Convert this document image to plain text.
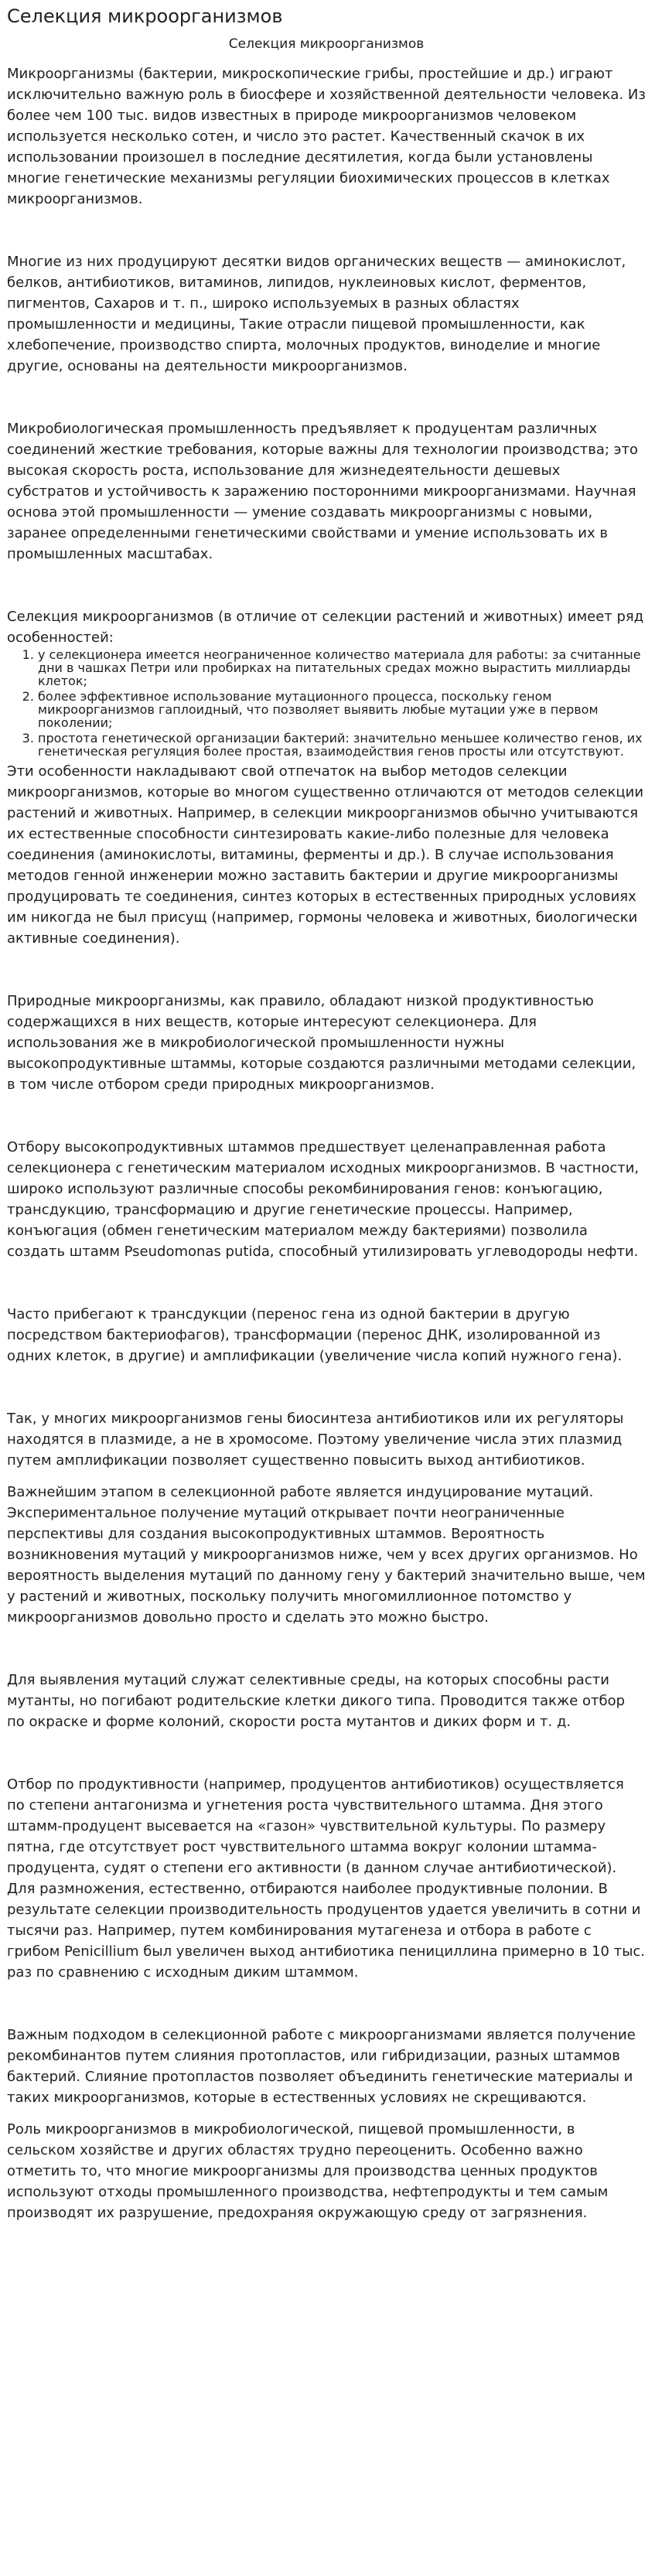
Селекция микроорганизмов
Селекция микроорганизмов

Микроорганизмы (бактерии, микроскопические грибы, простейшие и др.) играют исключительно важную роль в биосфере и хозяйственной деятельности человека. Из более чем 100 тыс. видов известных в природе микроорганизмов человеком используется несколько сотен, и число это растет. Качественный скачок в их использовании произошел в последние десятилетия, когда были установлены многие генетические механизмы регуляции биохимических процессов в клетках микроорганизмов.

Многие из них продуцируют десятки видов органических веществ — аминокислот, белков, антибиотиков, витаминов, липидов, нуклеиновых кислот, ферментов, пигментов, Сахаров и т. п., широко используемых в разных областях промышленности и медицины, Такие отрасли пищевой промышленности, как хлебопечение, производство спирта, молочных продуктов, виноделие и многие другие, основаны на деятельности микроорганизмов.

Микробиологическая промышленность предъявляет к продуцентам различных соединений жесткие требования, которые важны для технологии производства; это высокая скорость роста, использование для жизнедеятельности дешевых субстратов и устойчивость к заражению посторонними микроорганизмами. Научная основа этой промышленности — умение создавать микроорганизмы с новыми, заранее определенными генетическими свойствами и умение использовать их в промышленных масштабах.

Селекция микроорганизмов (в отличие от селекции растений и животных) имеет ряд особенностей:

1. у селекционера имеется неограниченное количество материала для работы: за считанные дни в чашках Петри или пробирках на питательных средах можно вырастить миллиарды клеток;
2. более эффективное использование мутационного процесса, поскольку геном микроорганизмов гаплоидный, что позволяет выявить любые мутации уже в первом поколении;
3. простота генетической организации бактерий: значительно меньшее количество генов, их генетическая регуляция более простая, взаимодействия генов просты или отсутствуют.

Эти особенности накладывают свой отпечаток на выбор методов селекции микроорганизмов, которые во многом существенно отличаются от методов селекции растений и животных. Например, в селекции микроорганизмов обычно учитываются их естественные способности синтезировать какие-либо полезные для человека соединения (аминокислоты, витамины, ферменты и др.). В случае использования методов генной инженерии можно заставить бактерии и другие микроорганизмы продуцировать те соединения, синтез которых в естественных природных условиях им никогда не был присущ (например, гормоны человека и животных, биологически активные соединения).

Природные микроорганизмы, как правило, обладают низкой продуктивностью содержащихся в них веществ, которые интересуют селекционера. Для использования же в микробиологической промышленности нужны высокопродуктивные штаммы, которые создаются различными методами селекции, в том числе отбором среди природных микроорганизмов.

Отбору высокопродуктивных штаммов предшествует целенаправленная работа селекционера с генетическим материалом исходных микроорганизмов. В частности, широко используют различные способы рекомбинирования генов: конъюгацию, трансдукцию, трансформацию и другие генетические процессы. Например, конъюгация (обмен генетическим материалом между бактериями) позволила создать штамм Pseudomonas putida, способный утилизировать углеводороды нефти.

Часто прибегают к трансдукции (перенос гена из одной бактерии в другую посредством бактериофагов), трансформации (перенос ДНК, изолированной из одних клеток, в другие) и амплификации (увеличение числа копий нужного гена).

Так, у многих микроорганизмов гены биосинтеза антибиотиков или их регуляторы находятся в плазмиде, а не в хромосоме. Поэтому увеличение числа этих плазмид путем амплификации позволяет существенно повысить выход антибиотиков.

Важнейшим этапом в селекционной работе является индуцирование мутаций. Экспериментальное получение мутаций открывает почти неограниченные перспективы для создания высокопродуктивных штаммов. Вероятность возникновения мутаций у микроорганизмов ниже, чем у всех других организмов. Но вероятность выделения мутаций по данному гену у бактерий значительно выше, чем у растений и животных, поскольку получить многомиллионное потомство у микроорганизмов довольно просто и сделать это можно быстро.

Для выявления мутаций служат селективные среды, на которых способны расти мутанты, но погибают родительские клетки дикого типа. Проводится также отбор по окраске и форме колоний, скорости роста мутантов и диких форм и т. д.

Отбор по продуктивности (например, продуцентов антибиотиков) осуществляется по степени антагонизма и угнетения роста чувствительного штамма. Дня этого штамм-продуцент высевается на «газон» чувствительной культуры. По размеру пятна, где отсутствует рост чувствительного штамма вокруг колонии штамма-продуцента, судят о степени его активности (в данном случае антибиотической). Для размножения, естественно, отбираются наиболее продуктивные полонии. В результате селекции производительность продуцентов удается увеличить в сотни и тысячи раз. Например, путем комбинирования мутагенеза и отбора в работе с грибом Penicillium был увеличен выход антибиотика пенициллина примерно в 10 тыс. раз по сравнению с исходным диким штаммом.

Важным подходом в селекционной работе с микроорганизмами является получение рекомбинантов путем слияния протопластов, или гибридизации, разных штаммов бактерий. Слияние протопластов позволяет объединить генетические материалы и таких микроорганизмов, которые в естественных условиях не скрещиваются.

Роль микроорганизмов в микробиологической, пищевой промышленности, в сельском хозяйстве и других областях трудно переоценить. Особенно важно отметить то, что многие микроорганизмы для производства ценных продуктов используют отходы промышленного производства, нефтепродукты и тем самым производят их разрушение, предохраняя окружающую среду от загрязнения.
